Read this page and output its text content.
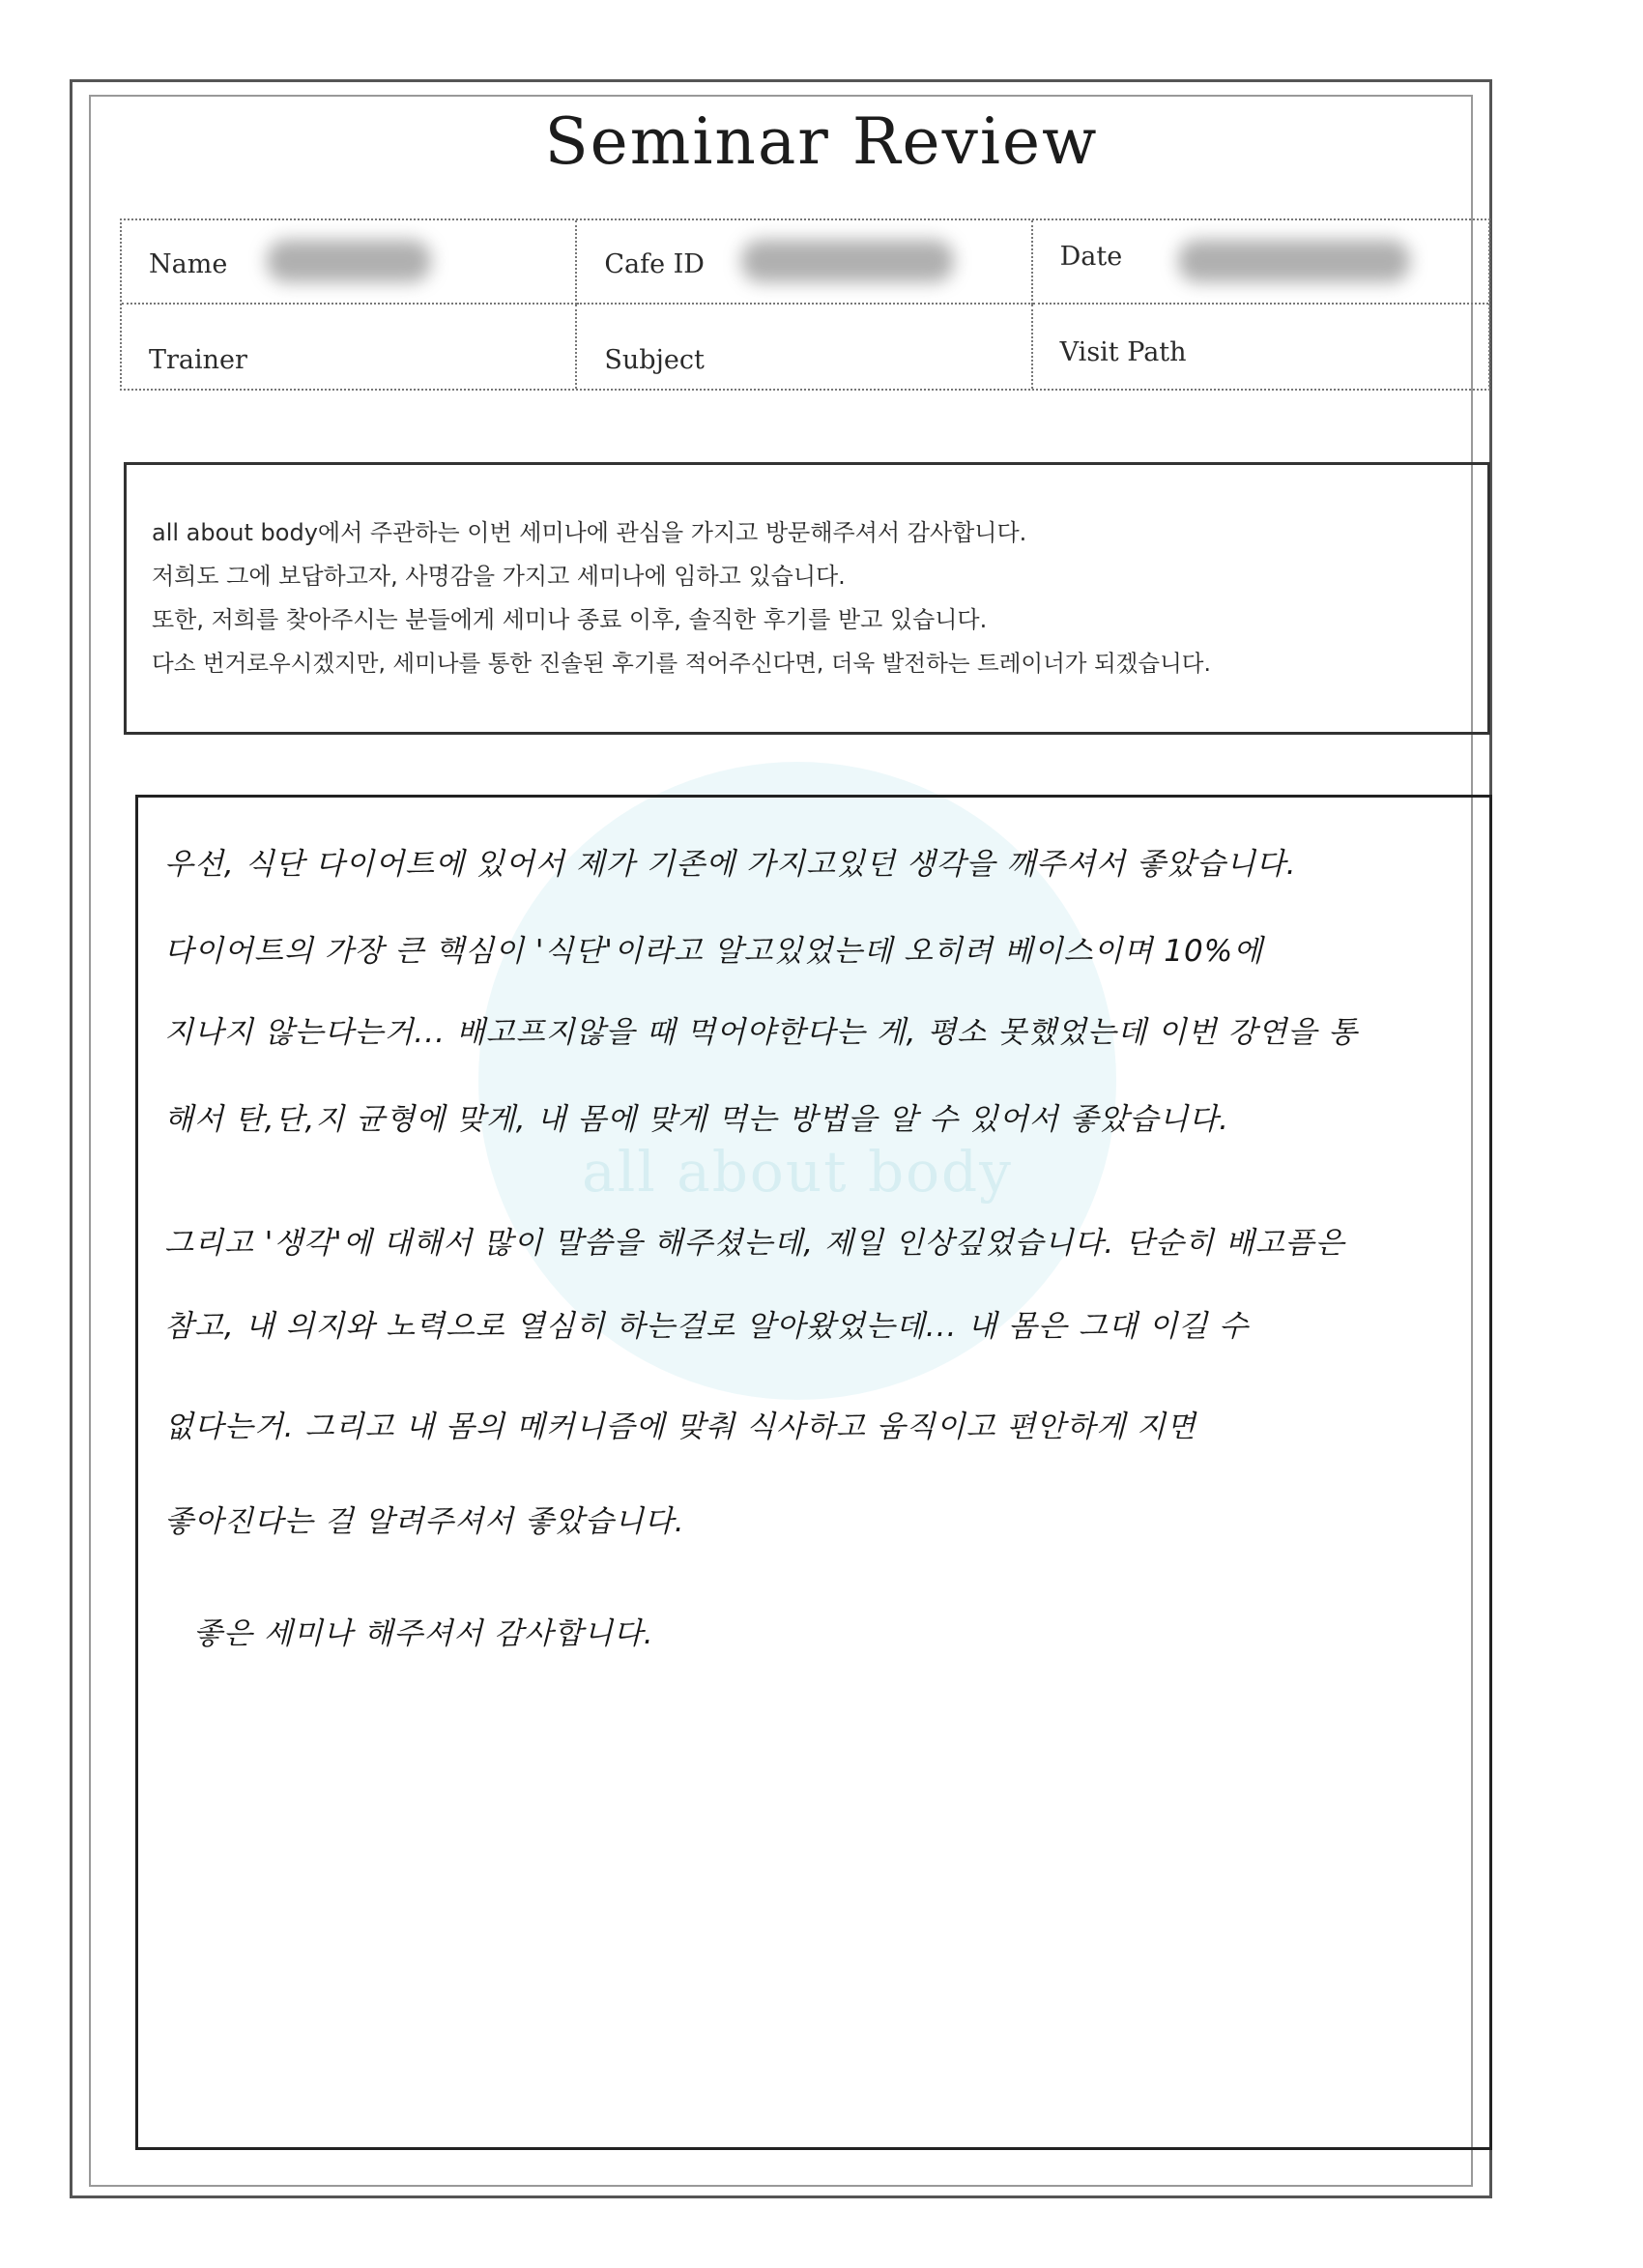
Seminar Review
Name	Cafe ID	Date
Trainer	Subject	Visit Path
all about body에서 주관하는 이번 세미나에 관심을 가지고 방문해주셔서 감사합니다.
저희도 그에 보답하고자, 사명감을 가지고 세미나에 임하고 있습니다.
또한, 저희를 찾아주시는 분들에게 세미나 종료 이후, 솔직한 후기를 받고 있습니다.
다소 번거로우시겠지만, 세미나를 통한 진솔된 후기를 적어주신다면, 더욱 발전하는 트레이너가 되겠습니다.
all about body
우선, 식단 다이어트에 있어서 제가 기존에 가지고있던 생각을 깨주셔서 좋았습니다.
다이어트의 가장 큰 핵심이 '식단'이라고 알고있었는데 오히려 베이스이며 10%에
지나지 않는다는거... 배고프지않을 때 먹어야한다는 게, 평소 못했었는데 이번 강연을 통
해서 탄,단,지 균형에 맞게, 내 몸에 맞게 먹는 방법을 알 수 있어서 좋았습니다.
그리고 '생각'에 대해서 많이 말씀을 해주셨는데, 제일 인상깊었습니다. 단순히 배고픔은
참고, 내 의지와 노력으로 열심히 하는걸로 알아왔었는데... 내 몸은 그대 이길 수
없다는거. 그리고 내 몸의 메커니즘에 맞춰 식사하고 움직이고 편안하게 지면
좋아진다는 걸 알려주셔서 좋았습니다.
좋은 세미나 해주셔서 감사합니다.
